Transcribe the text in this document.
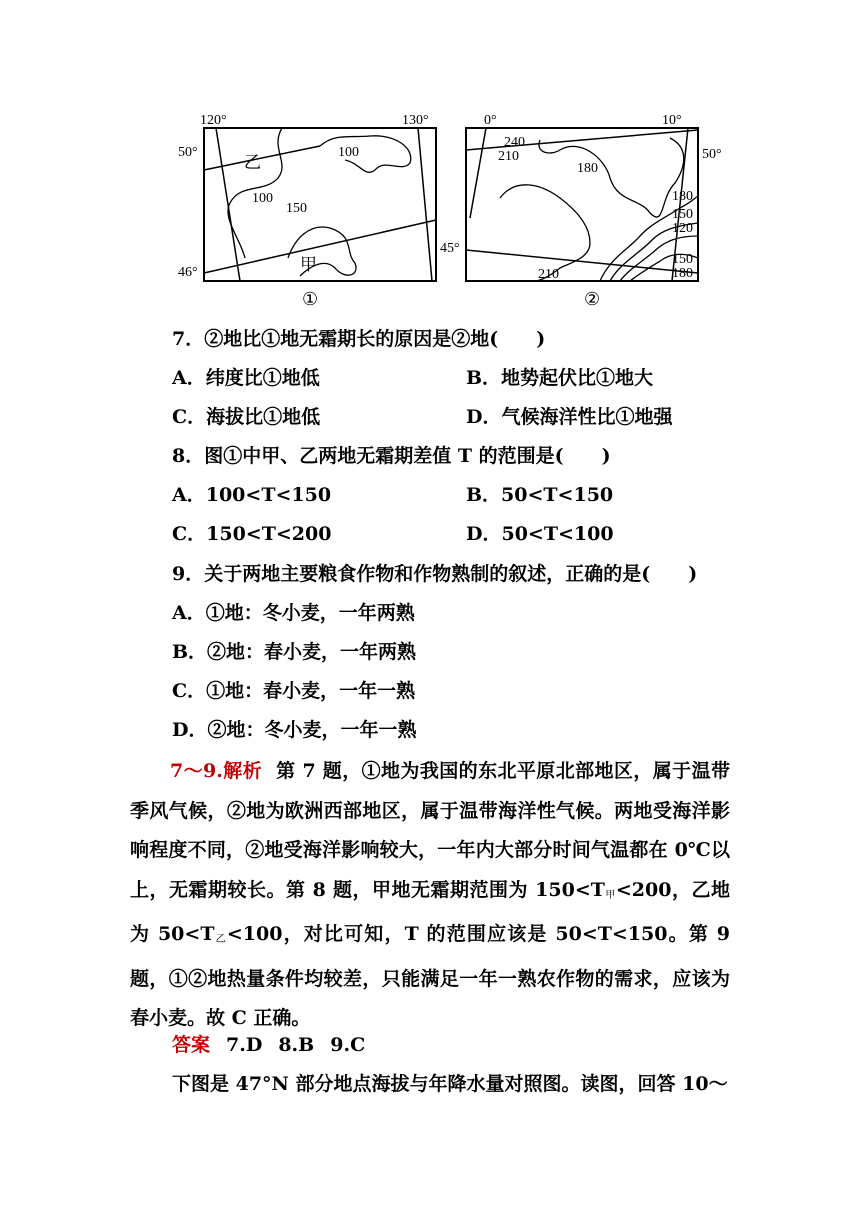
120°	130°
50°
46°
乙
甲
100
100
150
①
0°	10°
50°
45°
240
210
180
180
150
120
150
180
210
②
7．②地比①地无霜期长的原因是②地(　　)
A．纬度比①地低	B．地势起伏比①地大
C．海拔比①地低	D．气候海洋性比①地强
8．图①中甲、乙两地无霜期差值 T 的范围是(　　)
A．100<T<150	B．50<T<150
C．150<T<200	D．50<T<100
9．关于两地主要粮食作物和作物熟制的叙述，正确的是(　　)
A．①地：冬小麦，一年两熟
B．②地：春小麦，一年两熟
C．①地：春小麦，一年一熟
D．②地：冬小麦，一年一熟
7～9.解析 第 7 题，①地为我国的东北平原北部地区，属于温带季风气候，②地为欧洲西部地区，属于温带海洋性气候。两地受海洋影响程度不同，②地受海洋影响较大，一年内大部分时间气温都在 0℃以上，无霜期较长。第 8 题，甲地无霜期范围为 $150<T_甲<200$，乙地为 $50<T_乙<100$，对比可知，T 的范围应该是 50<T<150。第 9 题，①②地热量条件均较差，只能满足一年一熟农作物的需求，应该为春小麦。故 C 正确。
答案 7.D 8.B 9.C
下图是 47°N 部分地点海拔与年降水量对照图。读图，回答 10～
